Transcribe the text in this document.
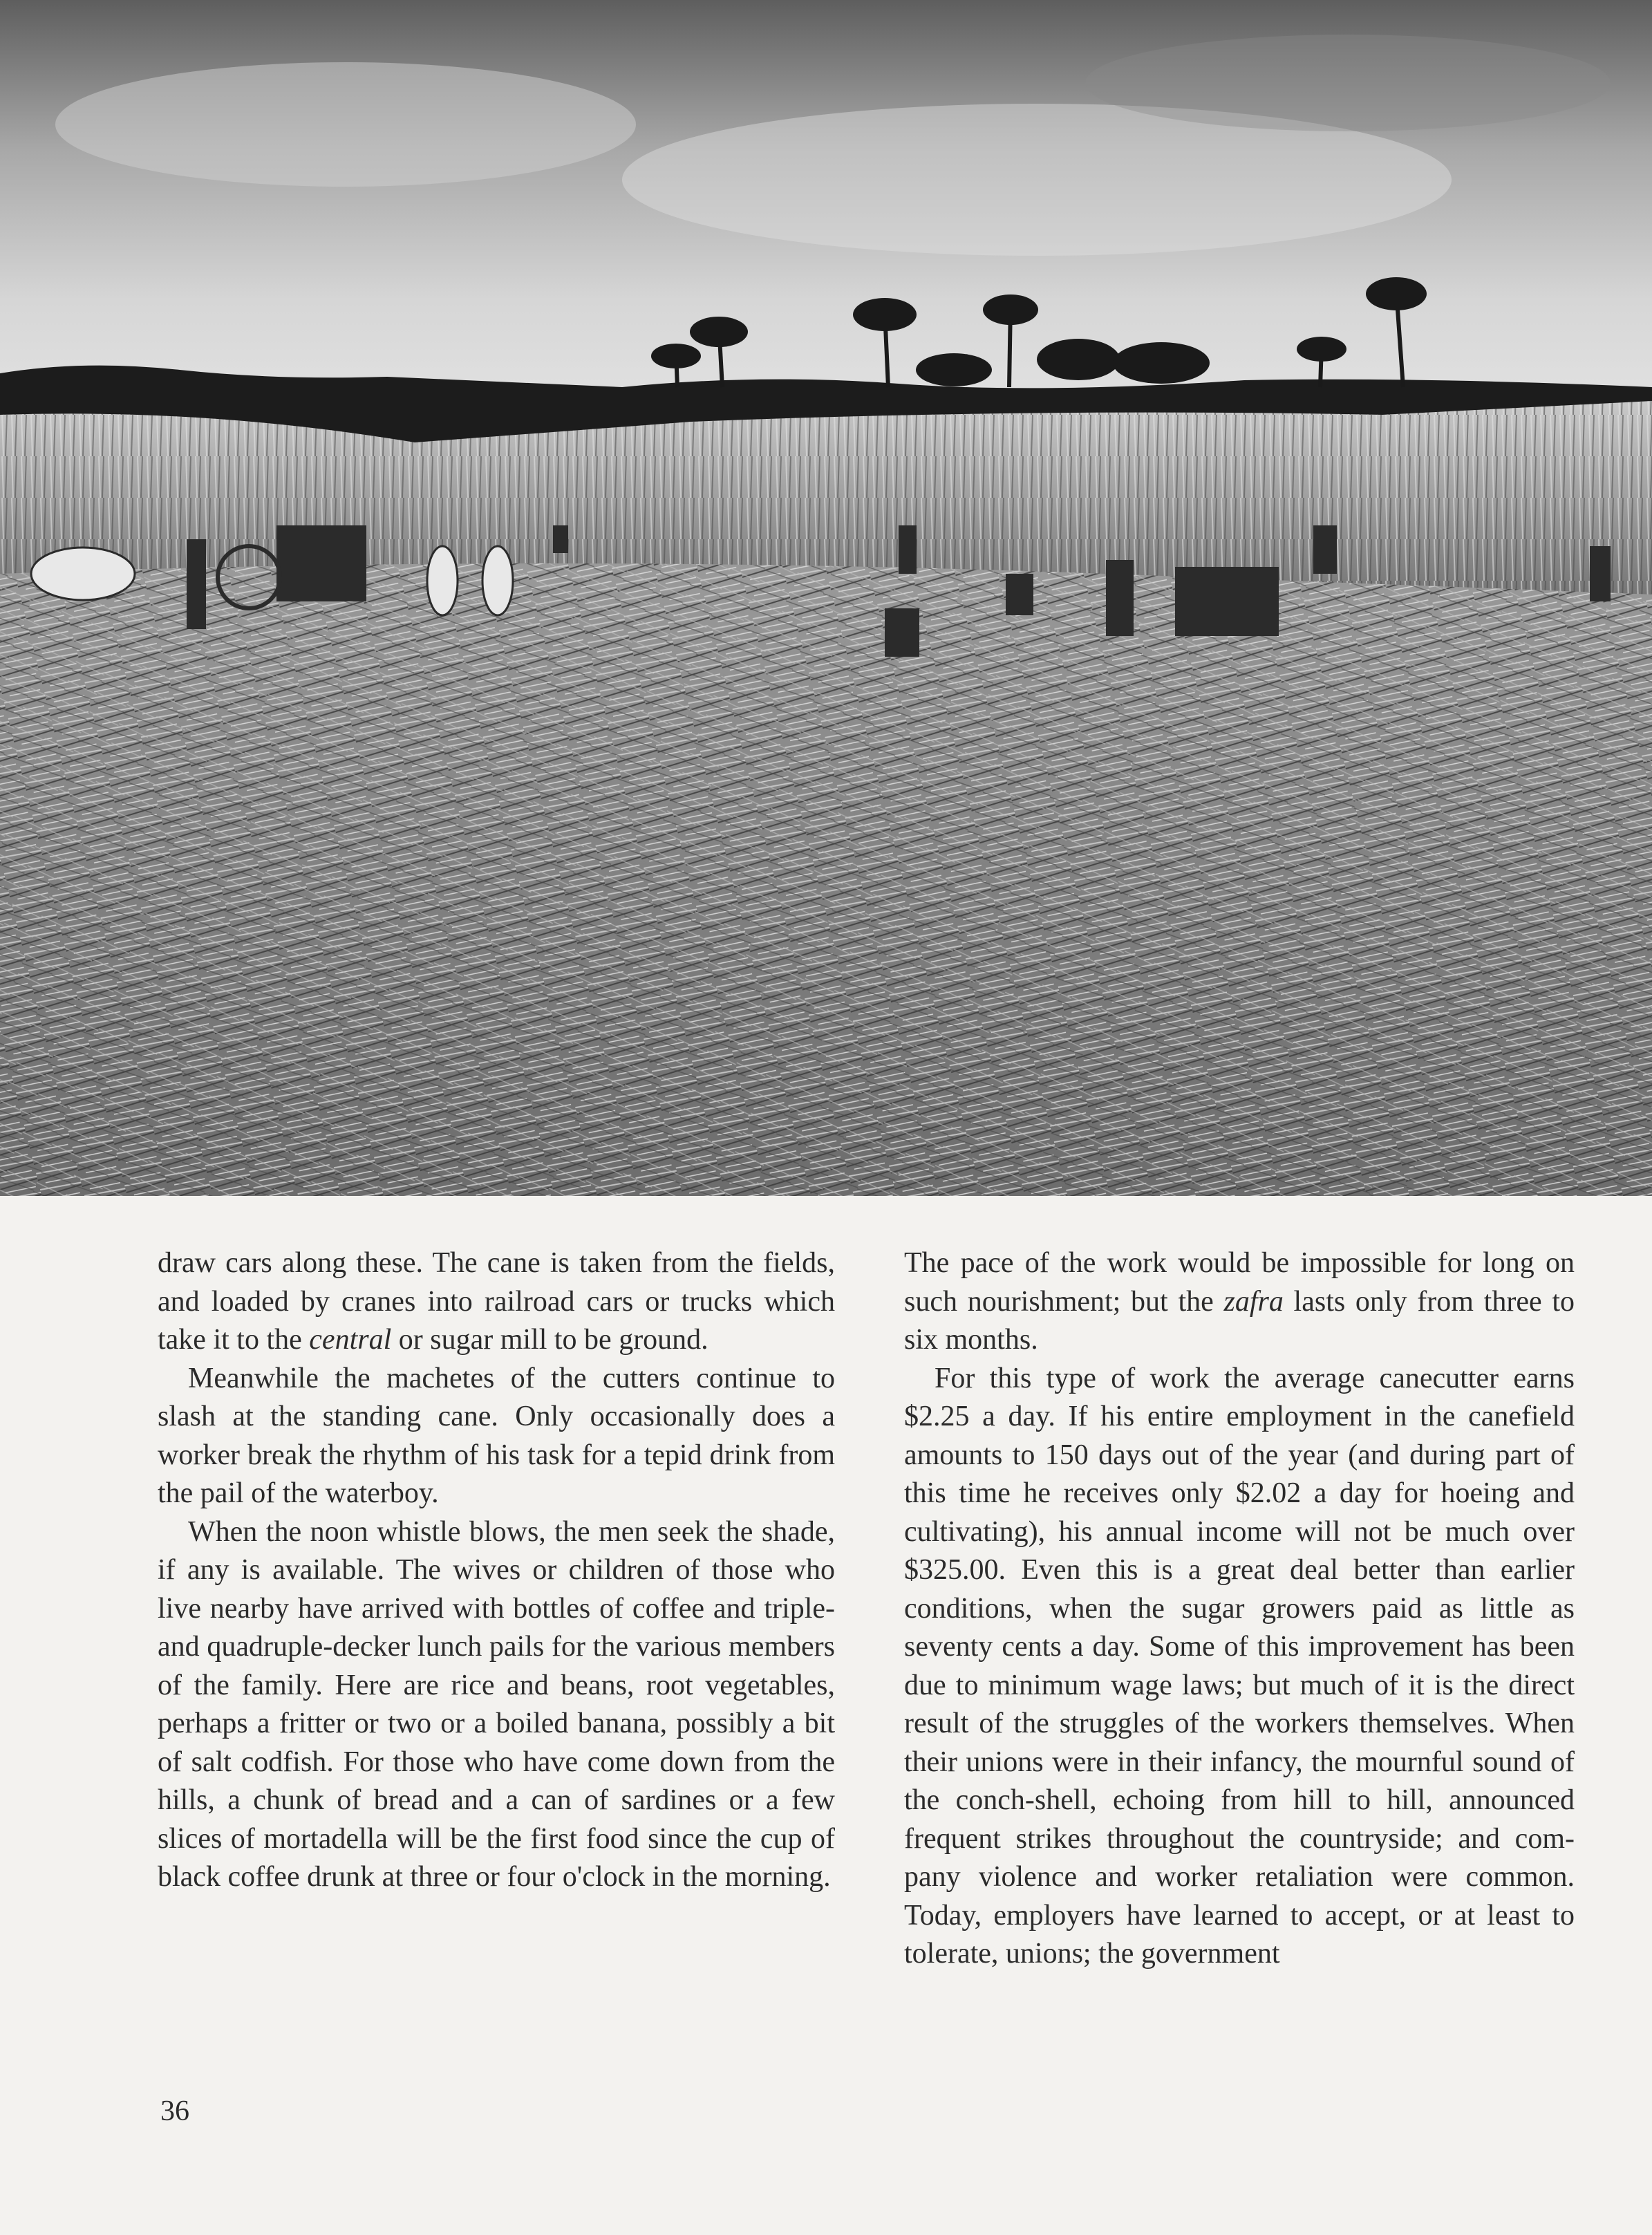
draw cars along these. The cane is taken from the fields, and loaded by cranes into railroad cars or trucks which take it to the central or sugar mill to be ground.

Meanwhile the machetes of the cutters continue to slash at the standing cane. Only occasionally does a worker break the rhythm of his task for a tepid drink from the pail of the waterboy.

When the noon whistle blows, the men seek the shade, if any is available. The wives or children of those who live nearby have arrived with bottles of coffee and triple- and quadruple-decker lunch pails for the various members of the family. Here are rice and beans, root vegetables, perhaps a fritter or two or a boiled banana, possibly a bit of salt codfish. For those who have come down from the hills, a chunk of bread and a can of sardines or a few slices of mortadella will be the first food since the cup of black coffee drunk at three or four o'clock in the morning.

The pace of the work would be impossible for long on such nourishment; but the zafra lasts only from three to six months.

For this type of work the average canecutter earns $2.25 a day. If his entire employment in the canefield amounts to 150 days out of the year (and during part of this time he receives only $2.02 a day for hoeing and cultivating), his annual income will not be much over $325.00. Even this is a great deal better than earlier conditions, when the sugar growers paid as little as seventy cents a day. Some of this improvement has been due to minimum wage laws; but much of it is the direct result of the struggles of the workers themselves. When their unions were in their infancy, the mournful sound of the conch-shell, echoing from hill to hill, announced frequent strikes throughout the countryside; and company violence and worker retaliation were common. Today, employers have learned to accept, or at least to tolerate, unions; the government

36
